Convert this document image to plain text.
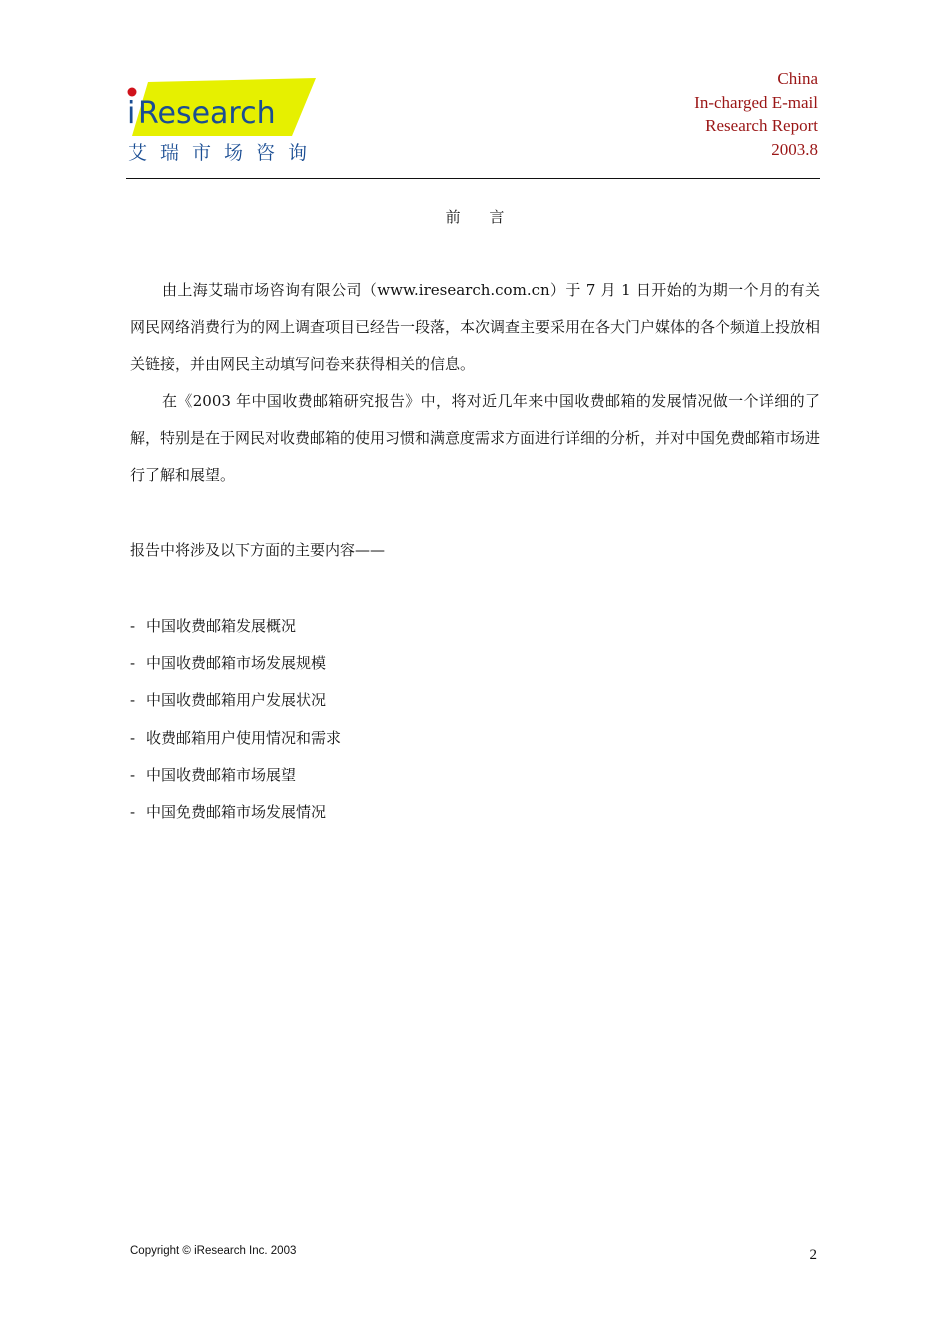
i Research
艾瑞市场咨询
China
In-charged E-mail
Research Report
2003.8
前 言

由上海艾瑞市场咨询有限公司（www.iresearch.com.cn）于 7 月 1 日开始的为期一个月的有关网民网络消费行为的网上调查项目已经告一段落，本次调查主要采用在各大门户媒体的各个频道上投放相关链接，并由网民主动填写问卷来获得相关的信息。

在《2003 年中国收费邮箱研究报告》中，将对近几年来中国收费邮箱的发展情况做一个详细的了解，特别是在于网民对收费邮箱的使用习惯和满意度需求方面进行详细的分析，并对中国免费邮箱市场进行了解和展望。

报告中将涉及以下方面的主要内容——
- 中国收费邮箱发展概况
- 中国收费邮箱市场发展规模
- 中国收费邮箱用户发展状况
- 收费邮箱用户使用情况和需求
- 中国收费邮箱市场展望
- 中国免费邮箱市场发展情况
Copyright © iResearch Inc. 2003	2
